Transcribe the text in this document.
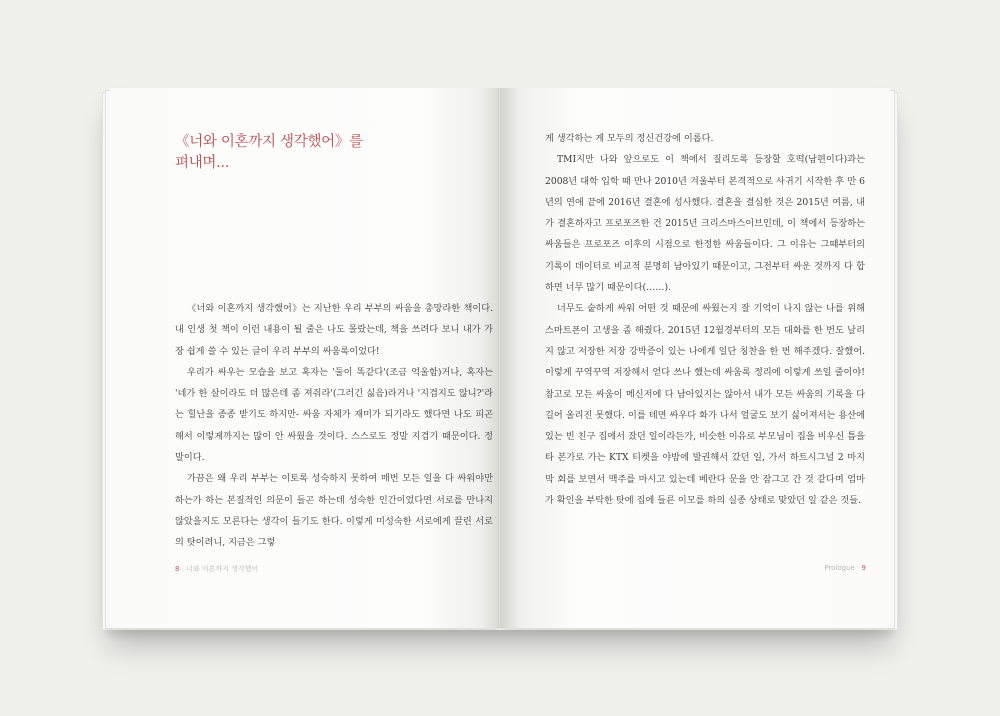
《너와 이혼까지 생각했어》를
펴내며...

《너와 이혼까지 생각했어》는 지난한 우리 부부의 싸움을 총망라한 책이다. 내 인생 첫 책이 이런 내용이 될 줄은 나도 몰랐는데, 책을 쓰려다 보니 내가 가장 쉽게 쓸 수 있는 글이 우리 부부의 싸움록이었다!

우리가 싸우는 모습을 보고 혹자는 '둘이 똑같다'(조금 억울함)거나, 혹자는 '네가 한 살이라도 더 많은데 좀 져줘라'(그러긴 싫음)라거나 '지겹지도 않니?'라는 힐난을 종종 받기도 하지만- 싸움 자체가 재미가 되기라도 했다면 나도 피곤해서 이렇게까지는 많이 안 싸웠을 것이다. 스스로도 정말 지겹기 때문이다. 정말이다.

가끔은 왜 우리 부부는 이토록 성숙하지 못하여 매번 모든 일을 다 싸워야만 하는가 하는 본질적인 의문이 들곤 하는데 성숙한 인간이었다면 서로를 만나지 않았을지도 모른다는 생각이 들기도 한다. 이렇게 미성숙한 서로에게 끌린 서로의 탓이려니, 지금은 그렇

8 너와 이혼까지 생각했어

게 생각하는 게 모두의 정신건강에 이롭다.

TMI지만 나와 앞으로도 이 책에서 질리도록 등장할 호떡(남편이다)과는 2008년 대학 입학 때 만나 2010년 겨울부터 본격적으로 사귀기 시작한 후 만 6년의 연애 끝에 2016년 결혼에 성사했다. 결혼을 결심한 것은 2015년 여름, 내가 결혼하자고 프로포즈한 건 2015년 크리스마스이브인데, 이 책에서 등장하는 싸움들은 프로포즈 이후의 시점으로 한정한 싸움들이다. 그 이유는 그때부터의 기록이 데이터로 비교적 분명히 남아있기 때문이고, 그전부터 싸운 것까지 다 합하면 너무 많기 때문이다(……).

너무도 숱하게 싸워 어떤 것 때문에 싸웠는지 잘 기억이 나지 않는 나를 위해 스마트폰이 고생을 좀 해줬다. 2015년 12월경부터의 모든 대화를 한 번도 날리지 않고 저장한 저장 강박증이 있는 나에게 일단 칭찬을 한 번 해주겠다. 잘했어. 이렇게 꾸역꾸역 저장해서 얻다 쓰나 했는데 싸움록 정리에 이렇게 쓰일 줄이야! 참고로 모든 싸움이 메신저에 다 남아있지는 않아서 내가 모든 싸움의 기록을 다 길어 올리진 못했다. 이를 테면 싸우다 화가 나서 얼굴도 보기 싫어져서는 용산에 있는 빈 친구 집에서 잤던 일이라든가, 비슷한 이유로 부모님이 집을 비우신 틈을 타 본가로 가는 KTX 티켓을 야밤에 발권해서 갔던 일, 가서 하트시그널 2 마지막 회를 보면서 맥주를 마시고 있는데 베란다 문을 안 잠그고 간 것 같다며 엄마가 확인을 부탁한 탓에 집에 들른 이모를 하의 실종 상태로 맞았던 일 같은 것들.

Prologue 9
